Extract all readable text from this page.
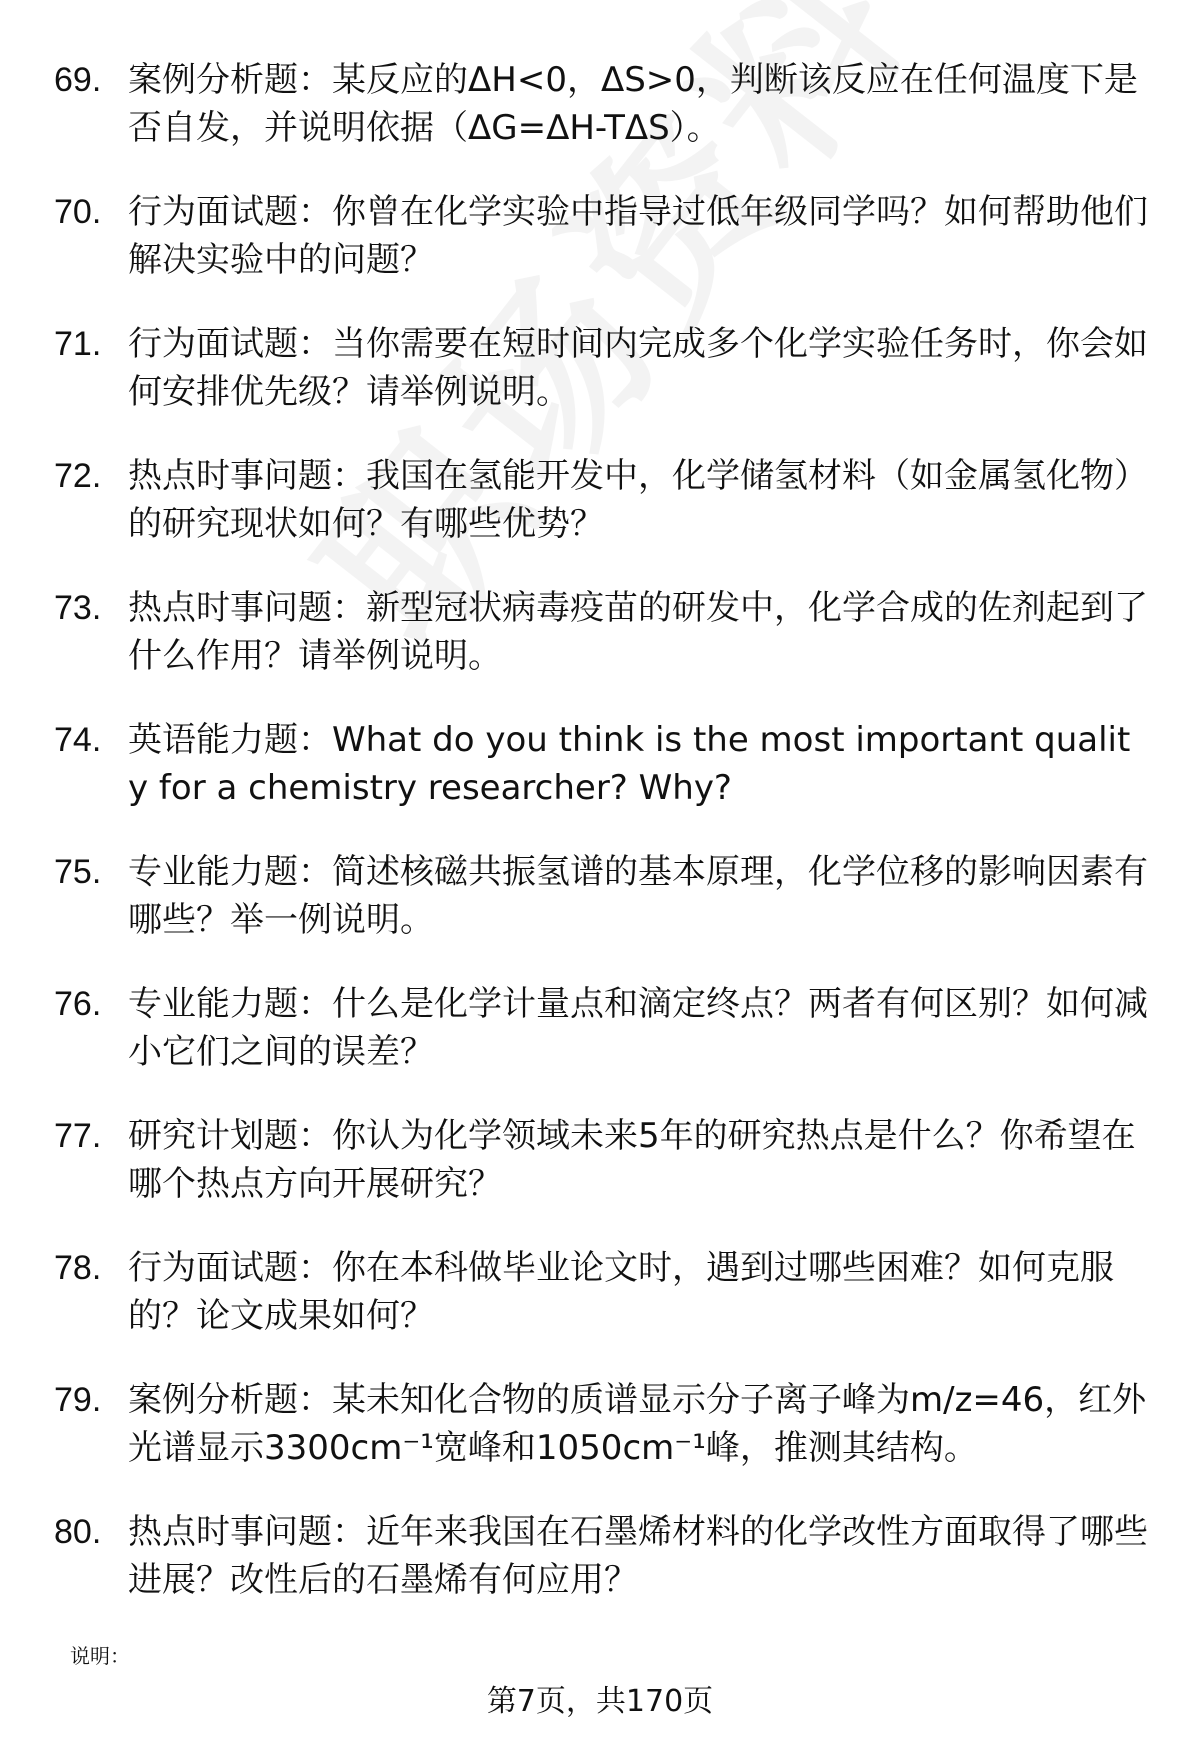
69. 案例分析题：某反应的ΔH<0，ΔS>0，判断该反应在任何温度下是否自发，并说明依据（ΔG=ΔH-TΔS）。
70. 行为面试题：你曾在化学实验中指导过低年级同学吗？如何帮助他们解决实验中的问题？
71. 行为面试题：当你需要在短时间内完成多个化学实验任务时，你会如何安排优先级？请举例说明。
72. 热点时事问题：我国在氢能开发中，化学储氢材料（如金属氢化物）的研究现状如何？有哪些优势？
73. 热点时事问题：新型冠状病毒疫苗的研发中，化学合成的佐剂起到了什么作用？请举例说明。
74. 英语能力题：What do you think is the most important quality for a chemistry researcher? Why?
75. 专业能力题：简述核磁共振氢谱的基本原理，化学位移的影响因素有哪些？举一例说明。
76. 专业能力题：什么是化学计量点和滴定终点？两者有何区别？如何减小它们之间的误差？
77. 研究计划题：你认为化学领域未来5年的研究热点是什么？你希望在哪个热点方向开展研究？
78. 行为面试题：你在本科做毕业论文时，遇到过哪些困难？如何克服的？论文成果如何？
79. 案例分析题：某未知化合物的质谱显示分子离子峰为m/z=46，红外光谱显示3300cm⁻¹宽峰和1050cm⁻¹峰，推测其结构。
80. 热点时事问题：近年来我国在石墨烯材料的化学改性方面取得了哪些进展？改性后的石墨烯有何应用？
说明：
第7页，共170页
